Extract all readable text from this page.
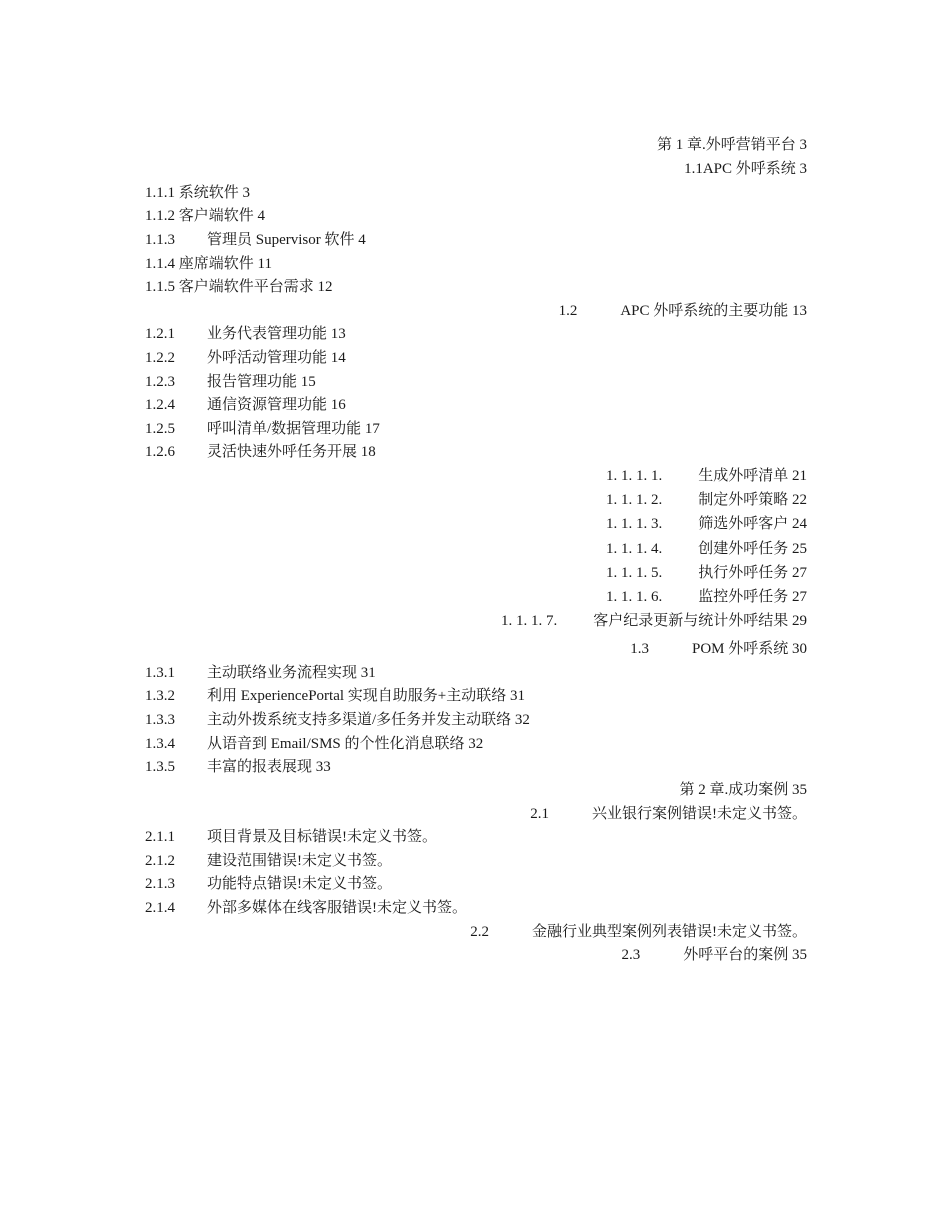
第 1 章.外呼营销平台 3
1.1APC 外呼系统 3
1.1.1 系统软件 3
1.1.2 客户端软件 4
1.1.3 管理员 Supervisor 软件 4
1.1.4 座席端软件 11
1.1.5 客户端软件平台需求 12
1.2	APC 外呼系统的主要功能 13
1.2.1 业务代表管理功能 13
1.2.2 外呼活动管理功能 14
1.2.3 报告管理功能 15
1.2.4 通信资源管理功能 16
1.2.5 呼叫清单/数据管理功能 17
1.2.6 灵活快速外呼任务开展 18
1. 1. 1. 1. 生成外呼清单 21
1. 1. 1. 2. 制定外呼策略 22
1. 1. 1. 3. 筛选外呼客户 24
1. 1. 1. 4. 创建外呼任务 25
1. 1. 1. 5. 执行外呼任务 27
1. 1. 1. 6. 监控外呼任务 27
1. 1. 1. 7. 客户纪录更新与统计外呼结果 29
1.3	POM 外呼系统 30
1.3.1 主动联络业务流程实现 31
1.3.2 利用 ExperiencePortal 实现自助服务+主动联络 31
1.3.3 主动外拨系统支持多渠道/多任务并发主动联络 32
1.3.4 从语音到 Email/SMS 的个性化消息联络 32
1.3.5 丰富的报表展现 33
第 2 章.成功案例 35
2.1	兴业银行案例错误!未定义书签。
2.1.1 项目背景及目标错误!未定义书签。
2.1.2 建设范围错误!未定义书签。
2.1.3 功能特点错误!未定义书签。
2.1.4 外部多媒体在线客服错误!未定义书签。
2.2	金融行业典型案例列表错误!未定义书签。
2.3	外呼平台的案例 35
